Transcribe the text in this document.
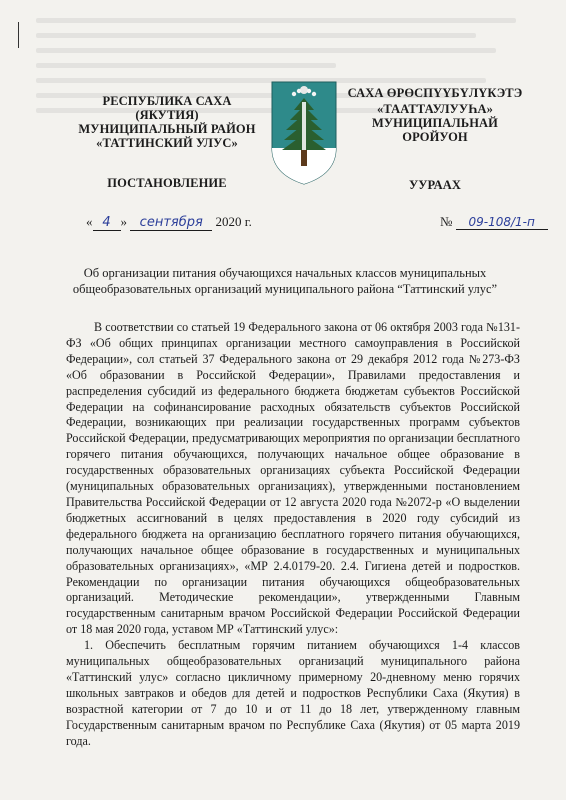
РЕСПУБЛИКА САХА
(ЯКУТИЯ)
МУНИЦИПАЛЬНЫЙ РАЙОН
«ТАТТИНСКИЙ УЛУС»
ПОСТАНОВЛЕНИЕ
САХА ӨРӨСПҮҮБҮЛҮКЭТЭ
«ТААТТАУЛУУҺА»
МУНИЦИПАЛЬНАЙ
ОРОЙУОН
УУРААХ
« 4 » сентября 2020 г.	№ 09-108/1-п
Об организации питания обучающихся начальных классов муниципальных
общеобразовательных организаций муниципального района “Таттинский улус”

В соответствии со статьей 19 Федерального закона от 06 октября 2003 года №131-ФЗ «Об общих принципах организации местного самоуправления в Российской Федерации», сол статьей 37 Федерального закона от 29 декабря 2012 года №273-ФЗ «Об образовании в Российской Федерации», Правилами предоставления и распределения субсидий из федерального бюджета бюджетам субъектов Российской Федерации на софинансирование расходных обязательств субъектов Российской Федерации, возникающих при реализации государственных программ субъектов Российской Федерации, предусматривающих мероприятия по организации бесплатного горячего питания обучающихся, получающих начальное общее образование в государственных образовательных организациях субъекта Российской Федерации (муниципальных образовательных организациях), утвержденными постановлением Правительства Российской Федерации от 12 августа 2020 года №2072-р «О выделении бюджетных ассигнований в целях предоставления в 2020 году субсидий из федерального бюджета на организацию бесплатного горячего питания обучающихся, получающих начальное общее образование в государственных и муниципальных образовательных организациях», «МР 2.4.0179-20. 2.4. Гигиена детей и подростков. Рекомендации по организации питания обучающихся общеобразовательных организаций. Методические рекомендации», утвержденными Главным государственным санитарным врачом Российской Федерации Российской Федерации от 18 мая 2020 года, уставом МР «Таттинский улус»:

1. Обеспечить бесплатным горячим питанием обучающихся 1-4 классов муниципальных общеобразовательных организаций муниципального района «Таттинский улус» согласно цикличному примерному 20-дневному меню горячих школьных завтраков и обедов для детей и подростков Республики Саха (Якутия) в возрастной категории от 7 до 10 и от 11 до 18 лет, утвержденному главным Государственным санитарным врачом по Республике Саха (Якутия) от 05 марта 2019 года.
